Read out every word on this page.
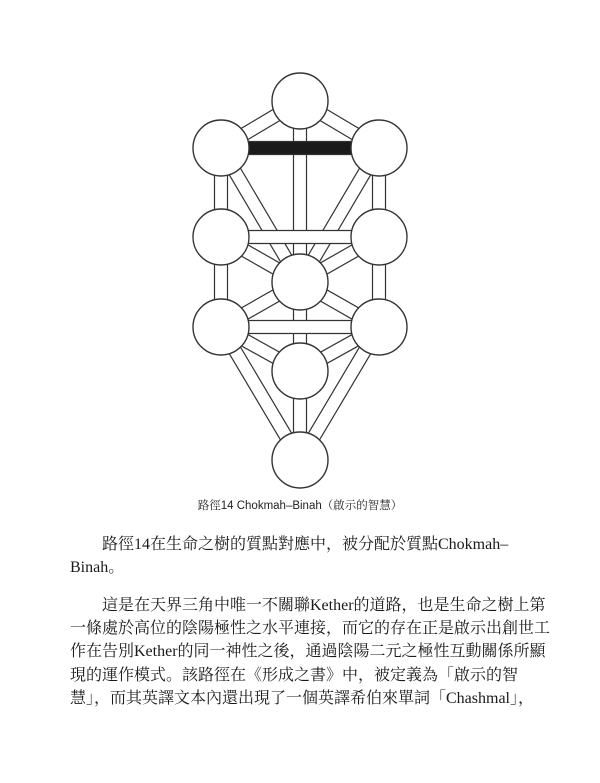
路徑14 Chokmah–Binah（啟示的智慧）
路徑14在生命之樹的質點對應中，被分配於質點Chokmah–
Binah。
這是在天界三角中唯一不關聯Kether的道路，也是生命之樹上第
一條處於高位的陰陽極性之水平連接，而它的存在正是啟示出創世工
作在告別Kether的同一神性之後，通過陰陽二元之極性互動關係所顯
現的運作模式。該路徑在《形成之書》中，被定義為「啟示的智
慧」，而其英譯文本內還出現了一個英譯希伯來單詞「Chashmal」，
